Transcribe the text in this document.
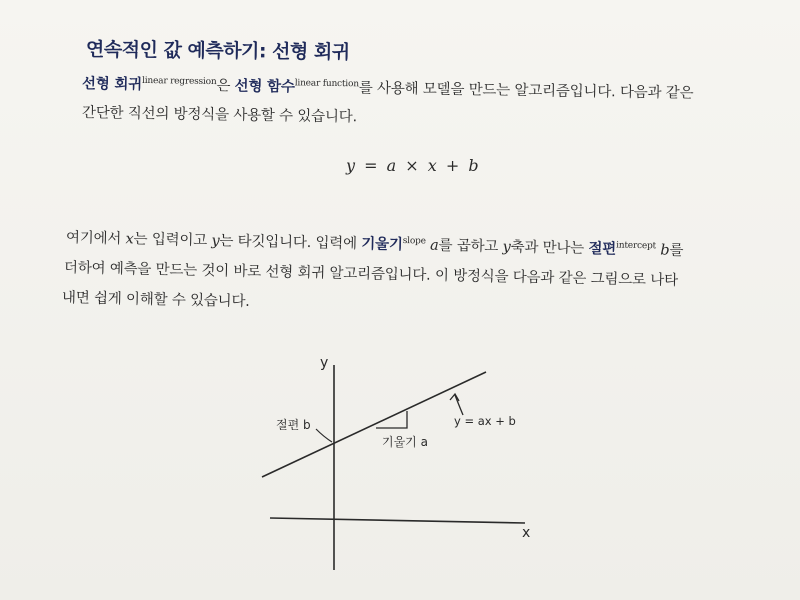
연속적인 값 예측하기: 선형 회귀
선형 회귀$^{linear regression}$은 선형 함수$^{linear function}$를 사용해 모델을 만드는 알고리즘입니다. 다음과 같은
간단한 직선의 방정식을 사용할 수 있습니다.
y = a × x + b
여기에서 x는 입력이고 y는 타깃입니다. 입력에 기울기$^{slope}$ a를 곱하고 y축과 만나는 절편$^{intercept}$ b를
더하여 예측을 만드는 것이 바로 선형 회귀 알고리즘입니다. 이 방정식을 다음과 같은 그림으로 나타
내면 쉽게 이해할 수 있습니다.
y
x
절편 b
기울기 a
y = ax + b
